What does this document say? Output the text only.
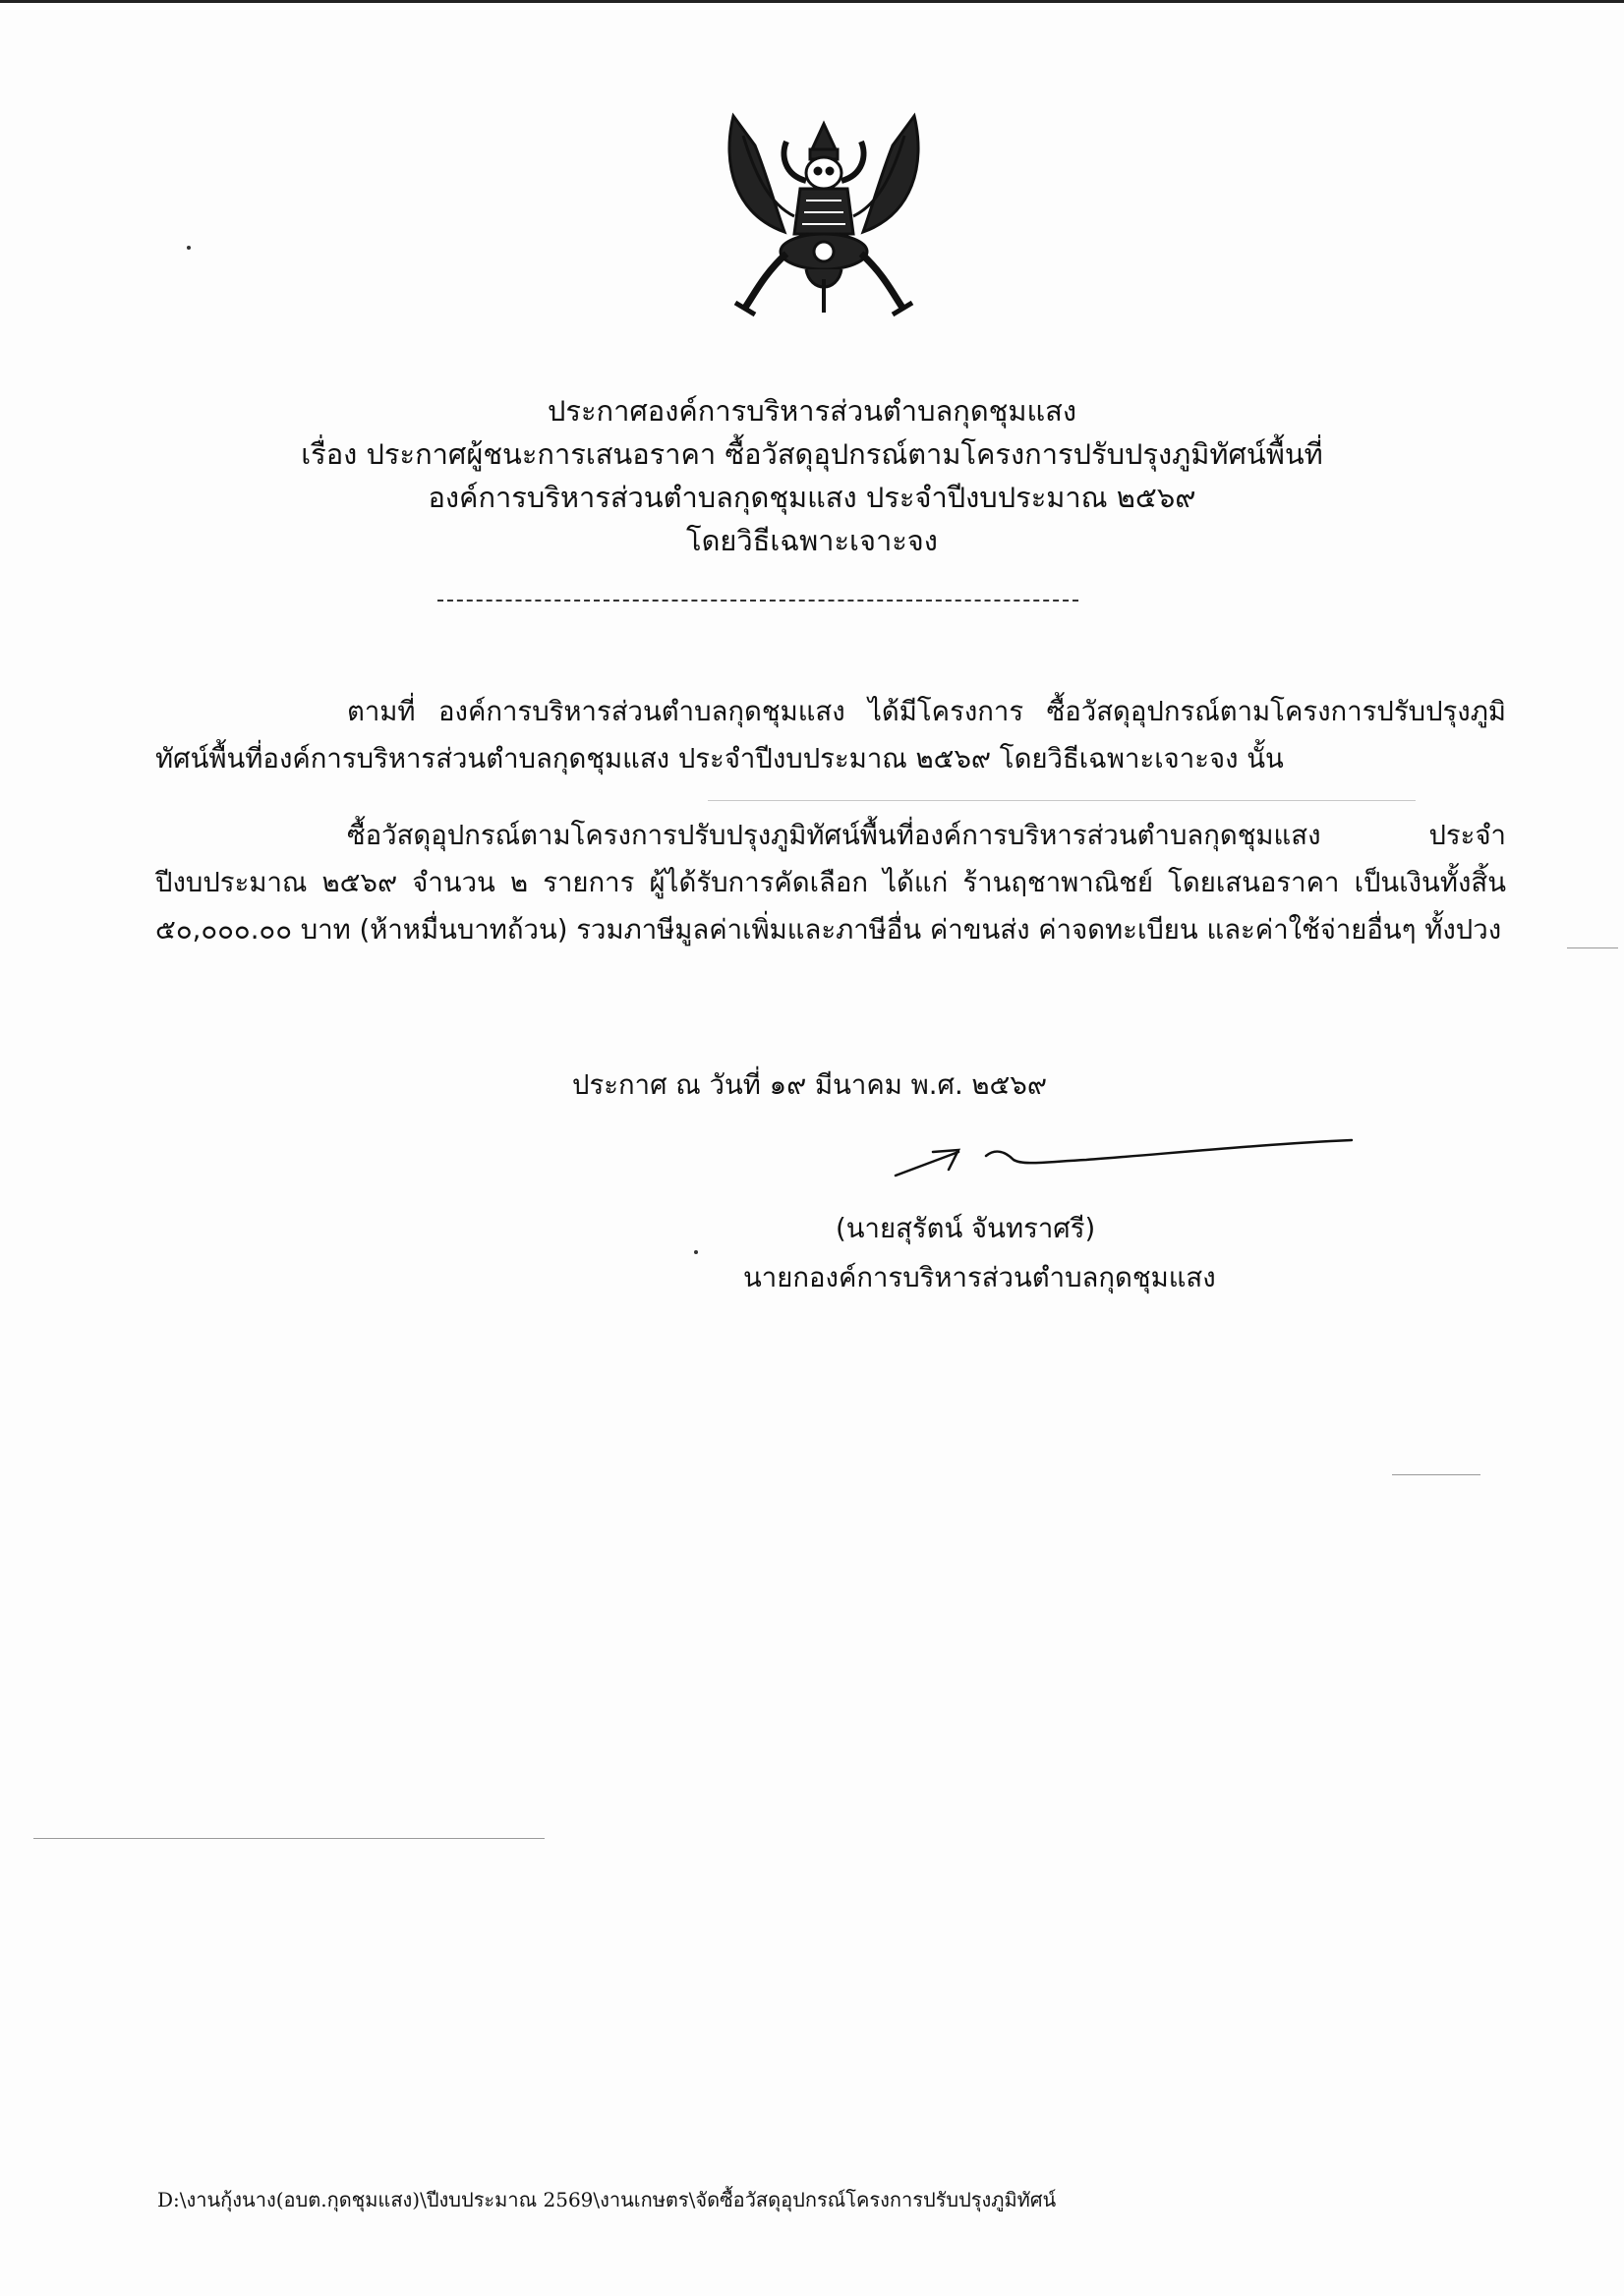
ประกาศองค์การบริหารส่วนตำบลกุดชุมแสง
เรื่อง ประกาศผู้ชนะการเสนอราคา ซื้อวัสดุอุปกรณ์ตามโครงการปรับปรุงภูมิทัศน์พื้นที่
องค์การบริหารส่วนตำบลกุดชุมแสง ประจำปีงบประมาณ ๒๕๖๙
โดยวิธีเฉพาะเจาะจง
ตามที่ องค์การบริหารส่วนตำบลกุดชุมแสง ได้มีโครงการ ซื้อวัสดุอุปกรณ์ตามโครงการปรับปรุงภูมิทัศน์พื้นที่องค์การบริหารส่วนตำบลกุดชุมแสง ประจำปีงบประมาณ ๒๕๖๙ โดยวิธีเฉพาะเจาะจง นั้น
ซื้อวัสดุอุปกรณ์ตามโครงการปรับปรุงภูมิทัศน์พื้นที่องค์การบริหารส่วนตำบลกุดชุมแสง ประจำปีงบประมาณ ๒๕๖๙ จำนวน ๒ รายการ ผู้ได้รับการคัดเลือก ได้แก่ ร้านฤชาพาณิชย์ โดยเสนอราคา เป็นเงินทั้งสิ้น ๕๐,๐๐๐.๐๐ บาท (ห้าหมื่นบาทถ้วน) รวมภาษีมูลค่าเพิ่มและภาษีอื่น ค่าขนส่ง ค่าจดทะเบียน และค่าใช้จ่ายอื่นๆ ทั้งปวง
ประกาศ ณ วันที่ ๑๙ มีนาคม พ.ศ. ๒๕๖๙
(นายสุรัตน์ จันทราศรี)
นายกองค์การบริหารส่วนตำบลกุดชุมแสง
D:\งานกุ้งนาง(อบต.กุดชุมแสง)\ปีงบประมาณ 2569\งานเกษตร\จัดซื้อวัสดุอุปกรณ์โครงการปรับปรุงภูมิทัศน์
